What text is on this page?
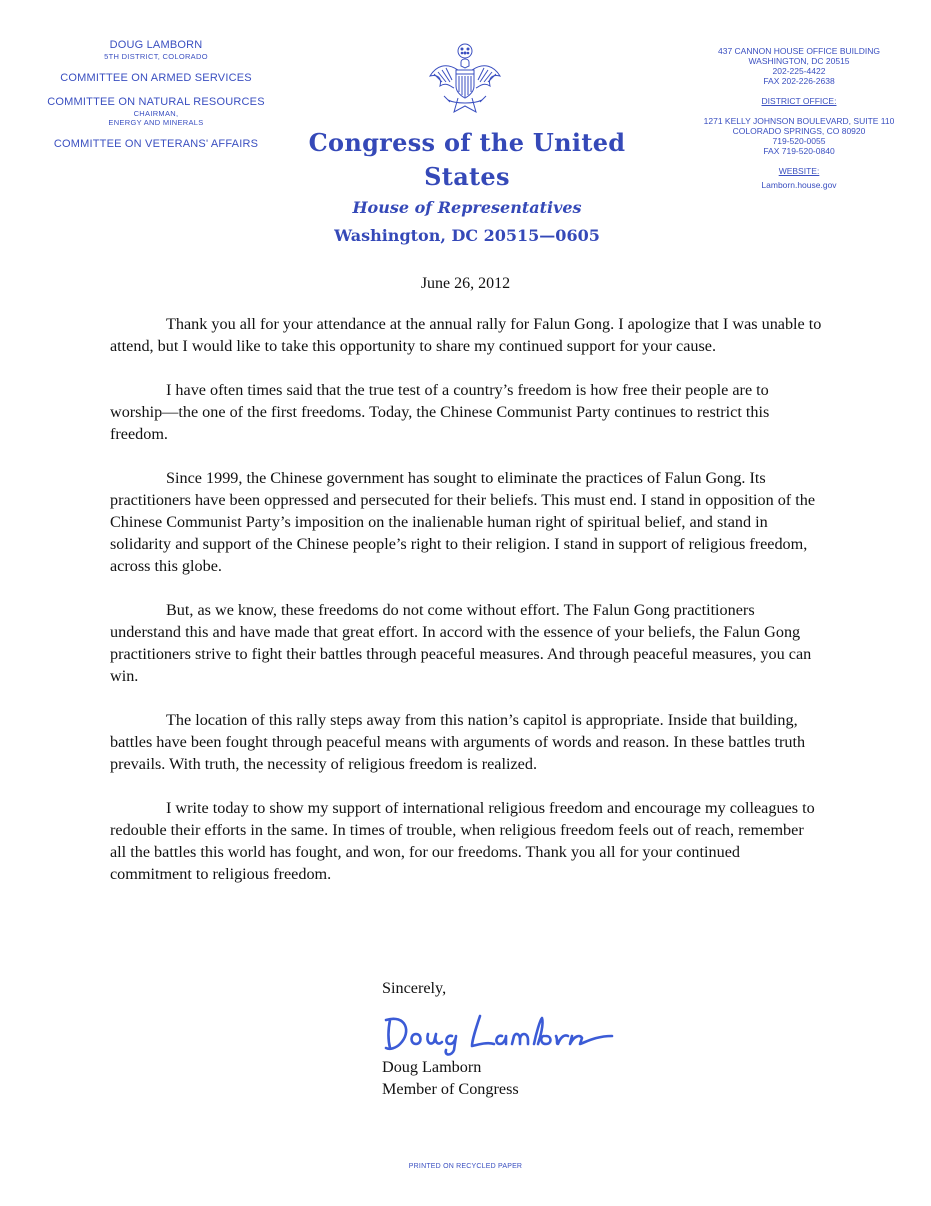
DOUG LAMBORN
5TH DISTRICT, COLORADO
COMMITTEE ON ARMED SERVICES
COMMITTEE ON NATURAL RESOURCES
CHAIRMAN,
ENERGY AND MINERALS
COMMITTEE ON VETERANS' AFFAIRS	Congress of the United States
House of Representatives
Washington, DC 20515—0605
437 CANNON HOUSE OFFICE BUILDING
WASHINGTON, DC 20515
202-225-4422
FAX 202-226-2638
DISTRICT OFFICE:
1271 KELLY JOHNSON BOULEVARD, SUITE 110
COLORADO SPRINGS, CO 80920
719-520-0055
FAX 719-520-0840
WEBSITE:
Lamborn.house.gov
June 26, 2012

Thank you all for your attendance at the annual rally for Falun Gong. I apologize that I was unable to attend, but I would like to take this opportunity to share my continued support for your cause.

I have often times said that the true test of a country’s freedom is how free their people are to worship—the one of the first freedoms. Today, the Chinese Communist Party continues to restrict this freedom.

Since 1999, the Chinese government has sought to eliminate the practices of Falun Gong. Its practitioners have been oppressed and persecuted for their beliefs. This must end. I stand in opposition of the Chinese Communist Party’s imposition on the inalienable human right of spiritual belief, and stand in solidarity and support of the Chinese people’s right to their religion. I stand in support of religious freedom, across this globe.

But, as we know, these freedoms do not come without effort. The Falun Gong practitioners understand this and have made that great effort. In accord with the essence of your beliefs, the Falun Gong practitioners strive to fight their battles through peaceful measures. And through peaceful measures, you can win.

The location of this rally steps away from this nation’s capitol is appropriate. Inside that building, battles have been fought through peaceful means with arguments of words and reason. In these battles truth prevails. With truth, the necessity of religious freedom is realized.

I write today to show my support of international religious freedom and encourage my colleagues to redouble their efforts in the same. In times of trouble, when religious freedom feels out of reach, remember all the battles this world has fought, and won, for our freedoms. Thank you all for your continued commitment to religious freedom.

Sincerely,
Doug Lamborn
Member of Congress
PRINTED ON RECYCLED PAPER
